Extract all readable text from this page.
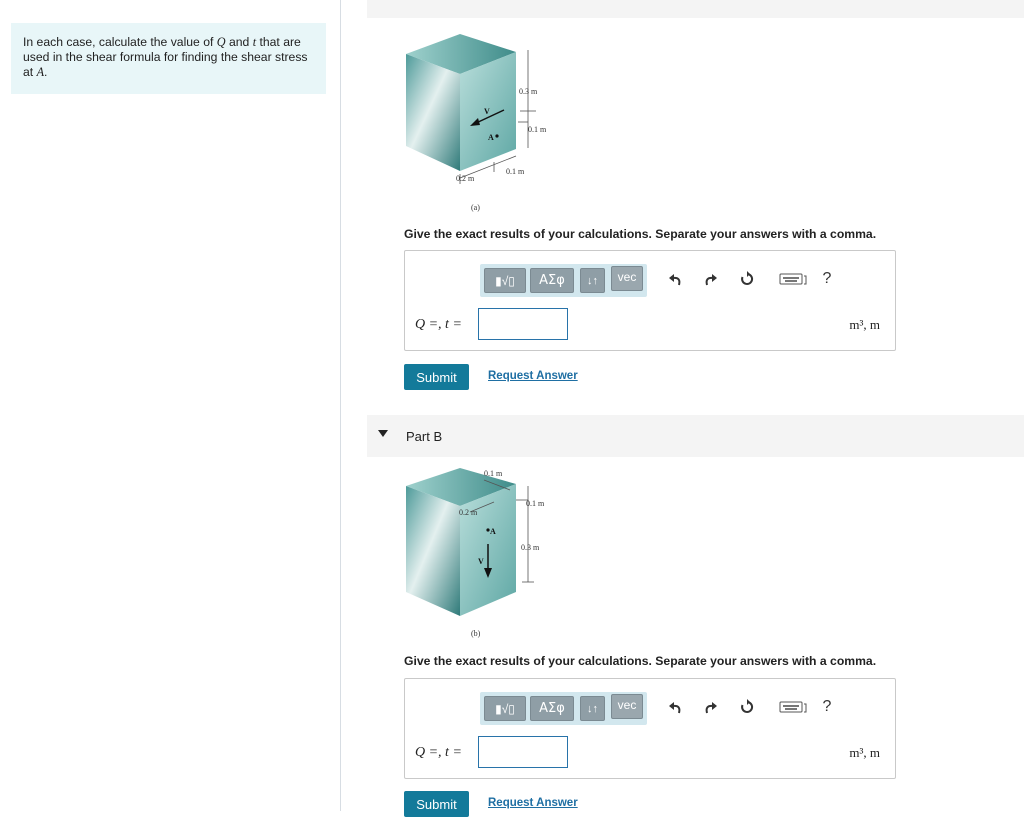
In each case, calculate the value of Q and t that are used in the shear formula for finding the shear stress at A.
0.3 m
0.1 m
0.1 m
0.2 m
V
A
(a)
Give the exact results of your calculations. Separate your answers with a comma.
▮√▯	ΑΣφ	↓↑	vec	?
Q =, t =	m³, m
Submit	Request Answer
Part B
0.1 m
0.2 m
0.1 m
0.3 m
V
A
(b)
Give the exact results of your calculations. Separate your answers with a comma.
▮√▯	ΑΣφ	↓↑	vec	?
Q =, t =	m³, m
Submit	Request Answer
